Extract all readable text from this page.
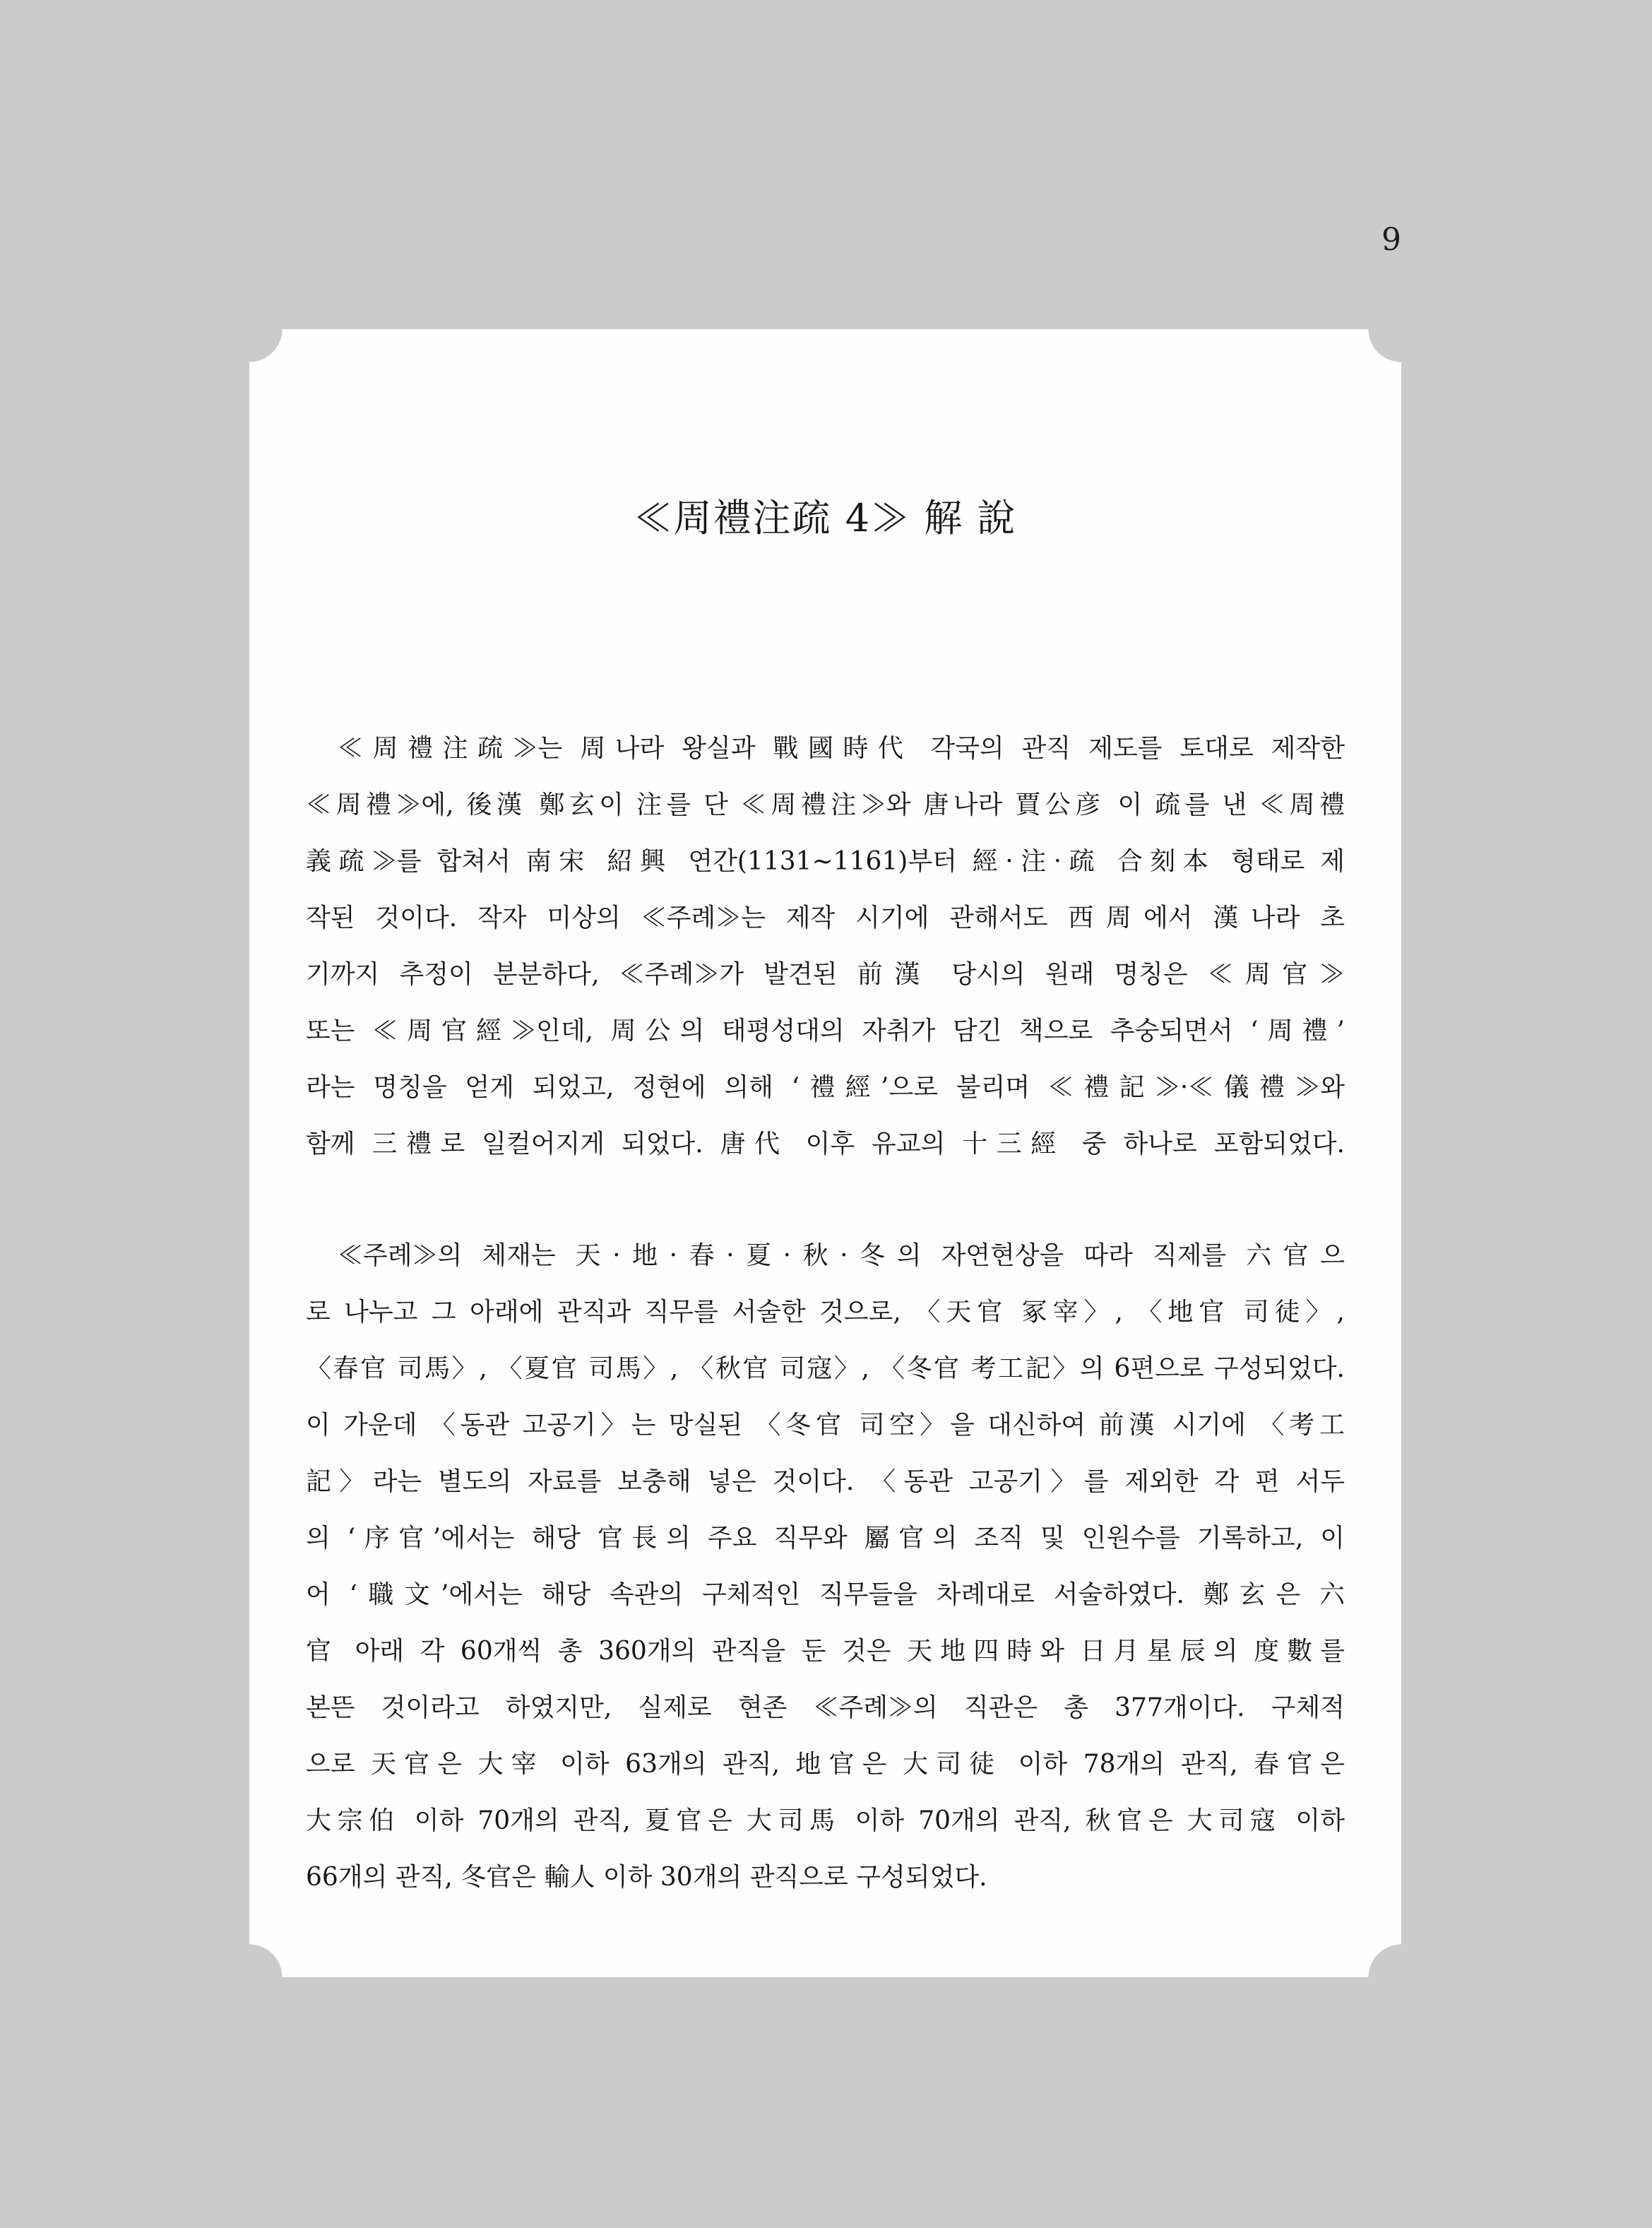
9
≪周禮注疏 4≫ 解 說
≪周禮注疏≫는 周나라 왕실과 戰國時代 각국의 관직 제도를 토대로 제작한
≪周禮≫에, 後漢 鄭玄이 注를 단 ≪周禮注≫와 唐나라 賈公彦 이 疏를 낸 ≪周禮
義疏≫를 합쳐서 南宋 紹興 연간(1131~1161)부터 經·注·疏 合刻本 형태로 제
작된 것이다. 작자 미상의 ≪주례≫는 제작 시기에 관해서도 西周에서 漢나라 초
기까지 추정이 분분하다, ≪주례≫가 발견된 前漢 당시의 원래 명칭은 ≪周官≫
또는 ≪周官經≫인데, 周公의 태평성대의 자취가 담긴 책으로 추숭되면서 ‘周禮’
라는 명칭을 얻게 되었고, 정현에 의해 ‘禮經’으로 불리며 ≪禮記≫·≪儀禮≫와
함께 三禮로 일컬어지게 되었다. 唐代 이후 유교의 十三經 중 하나로 포함되었다.
≪주례≫의 체재는 天·地·春·夏·秋·冬의 자연현상을 따라 직제를 六官으
로 나누고 그 아래에 관직과 직무를 서술한 것으로, 〈天官 冢宰〉, 〈地官 司徒〉,
〈春官 司馬〉, 〈夏官 司馬〉, 〈秋官 司寇〉, 〈冬官 考工記〉의 6편으로 구성되었다.
이 가운데 〈동관 고공기〉는 망실된 〈冬官 司空〉을 대신하여 前漢 시기에 〈考工
記〉라는 별도의 자료를 보충해 넣은 것이다. 〈동관 고공기〉를 제외한 각 편 서두
의 ‘序官’에서는 해당 官長의 주요 직무와 屬官의 조직 및 인원수를 기록하고, 이
어 ‘職文’에서는 해당 속관의 구체적인 직무들을 차례대로 서술하였다. 鄭玄은 六
官 아래 각 60개씩 총 360개의 관직을 둔 것은 天地四時와 日月星辰의 度數를
본뜬 것이라고 하였지만, 실제로 현존 ≪주례≫의 직관은 총 377개이다. 구체적
으로 天官은 大宰 이하 63개의 관직, 地官은 大司徒 이하 78개의 관직, 春官은
大宗伯 이하 70개의 관직, 夏官은 大司馬 이하 70개의 관직, 秋官은 大司寇 이하
66개의 관직, 冬官은 輸人 이하 30개의 관직으로 구성되었다.
